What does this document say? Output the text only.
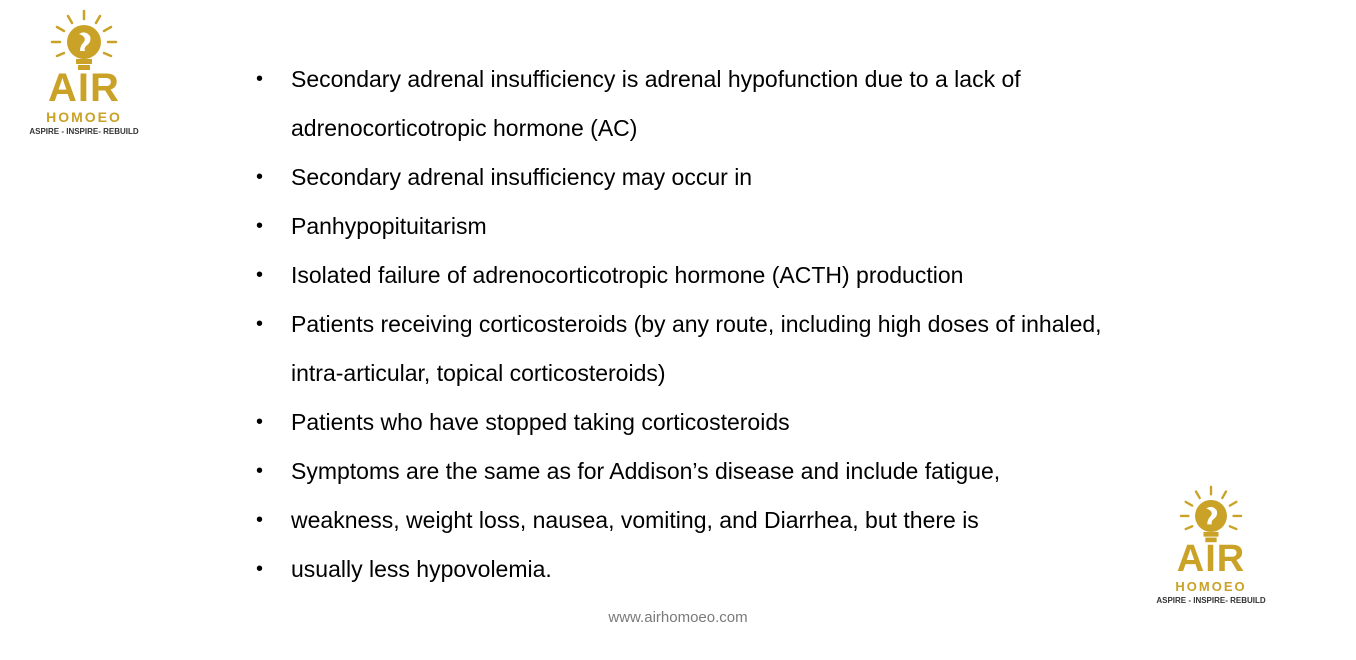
AIR
HOMOEO
ASPIRE - INSPIRE- REBUILD
• Secondary adrenal insufficiency is adrenal hypofunction due to a lack of adrenocorticotropic hormone (AC)
• Secondary adrenal insufficiency may occur in
• Panhypopituitarism
• Isolated failure of adrenocorticotropic hormone (ACTH) production
• Patients receiving corticosteroids (by any route, including high doses of inhaled, intra-articular, topical corticosteroids)
• Patients who have stopped taking corticosteroids
• Symptoms are the same as for Addison’s disease and include fatigue,
• weakness, weight loss, nausea, vomiting, and Diarrhea, but there is
• usually less hypovolemia.
www.airhomoeo.com
AIR
HOMOEO
ASPIRE - INSPIRE- REBUILD
